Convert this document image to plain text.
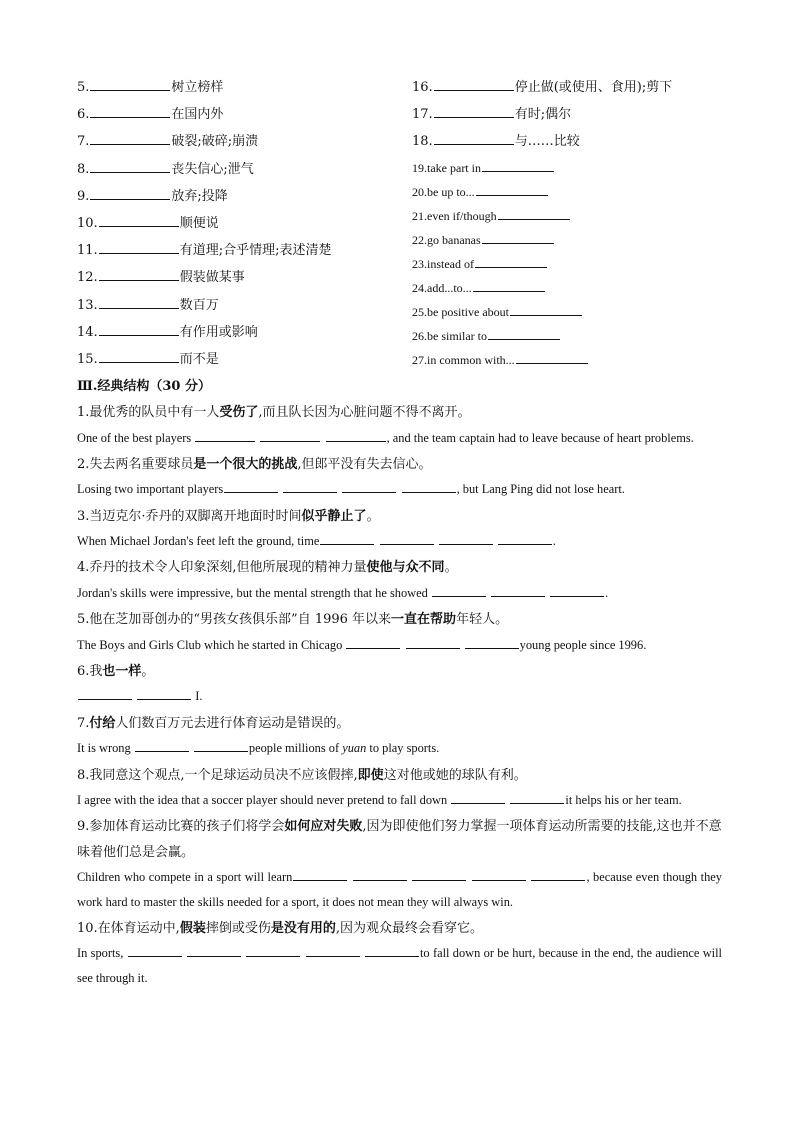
5.	树立榜样
6.	在国内外
7.	破裂;破碎;崩溃
8.	丧失信心;泄气
9.	放弃;投降
10.	顺便说
11.	有道理;合乎情理;表述清楚
12.	假装做某事
13.	数百万
14.	有作用或影响
15.	而不是
16.	停止做(或使用、食用);剪下
17.	有时;偶尔
18.	与……比较
19.take part in
20.be up to...
21.even if/though
22.go bananas
23.instead of
24.add...to...
25.be positive about
26.be similar to
27.in common with...
Ⅲ.经典结构（30 分）
1.最优秀的队员中有一人受伤了,而且队长因为心脏问题不得不离开。
One of the best players	, and the team captain had to leave because of heart problems.
2.失去两名重要球员是一个很大的挑战,但郎平没有失去信心。
Losing two important players	, but Lang Ping did not lose heart.
3.当迈克尔·乔丹的双脚离开地面时时间似乎静止了。
When Michael Jordan's feet left the ground, time	.
4.乔丹的技术令人印象深刻,但他所展现的精神力量使他与众不同。
Jordan's skills were impressive, but the mental strength that he showed	.
5.他在芝加哥创办的“男孩女孩俱乐部”自 1996 年以来一直在帮助年轻人。
The Boys and Girls Club which he started in Chicago	young people since 1996.
6.我也一样。
I.
7.付给人们数百万元去进行体育运动是错误的。
It is wrong	people millions of yuan to play sports.
8.我同意这个观点,一个足球运动员决不应该假摔,即使这对他或她的球队有利。
I agree with the idea that a soccer player should never pretend to fall down	it helps his or her team.
9.参加体育运动比赛的孩子们将学会如何应对失败,因为即使他们努力掌握一项体育运动所需要的技能,这也并不意味着他们总是会赢。
Children who compete in a sport will learn	, because even though they work hard to master the skills needed for a sport, it does not mean they will always win.
10.在体育运动中,假装摔倒或受伤是没有用的,因为观众最终会看穿它。
In sports,	to fall down or be hurt, because in the end, the audience will see through it.
